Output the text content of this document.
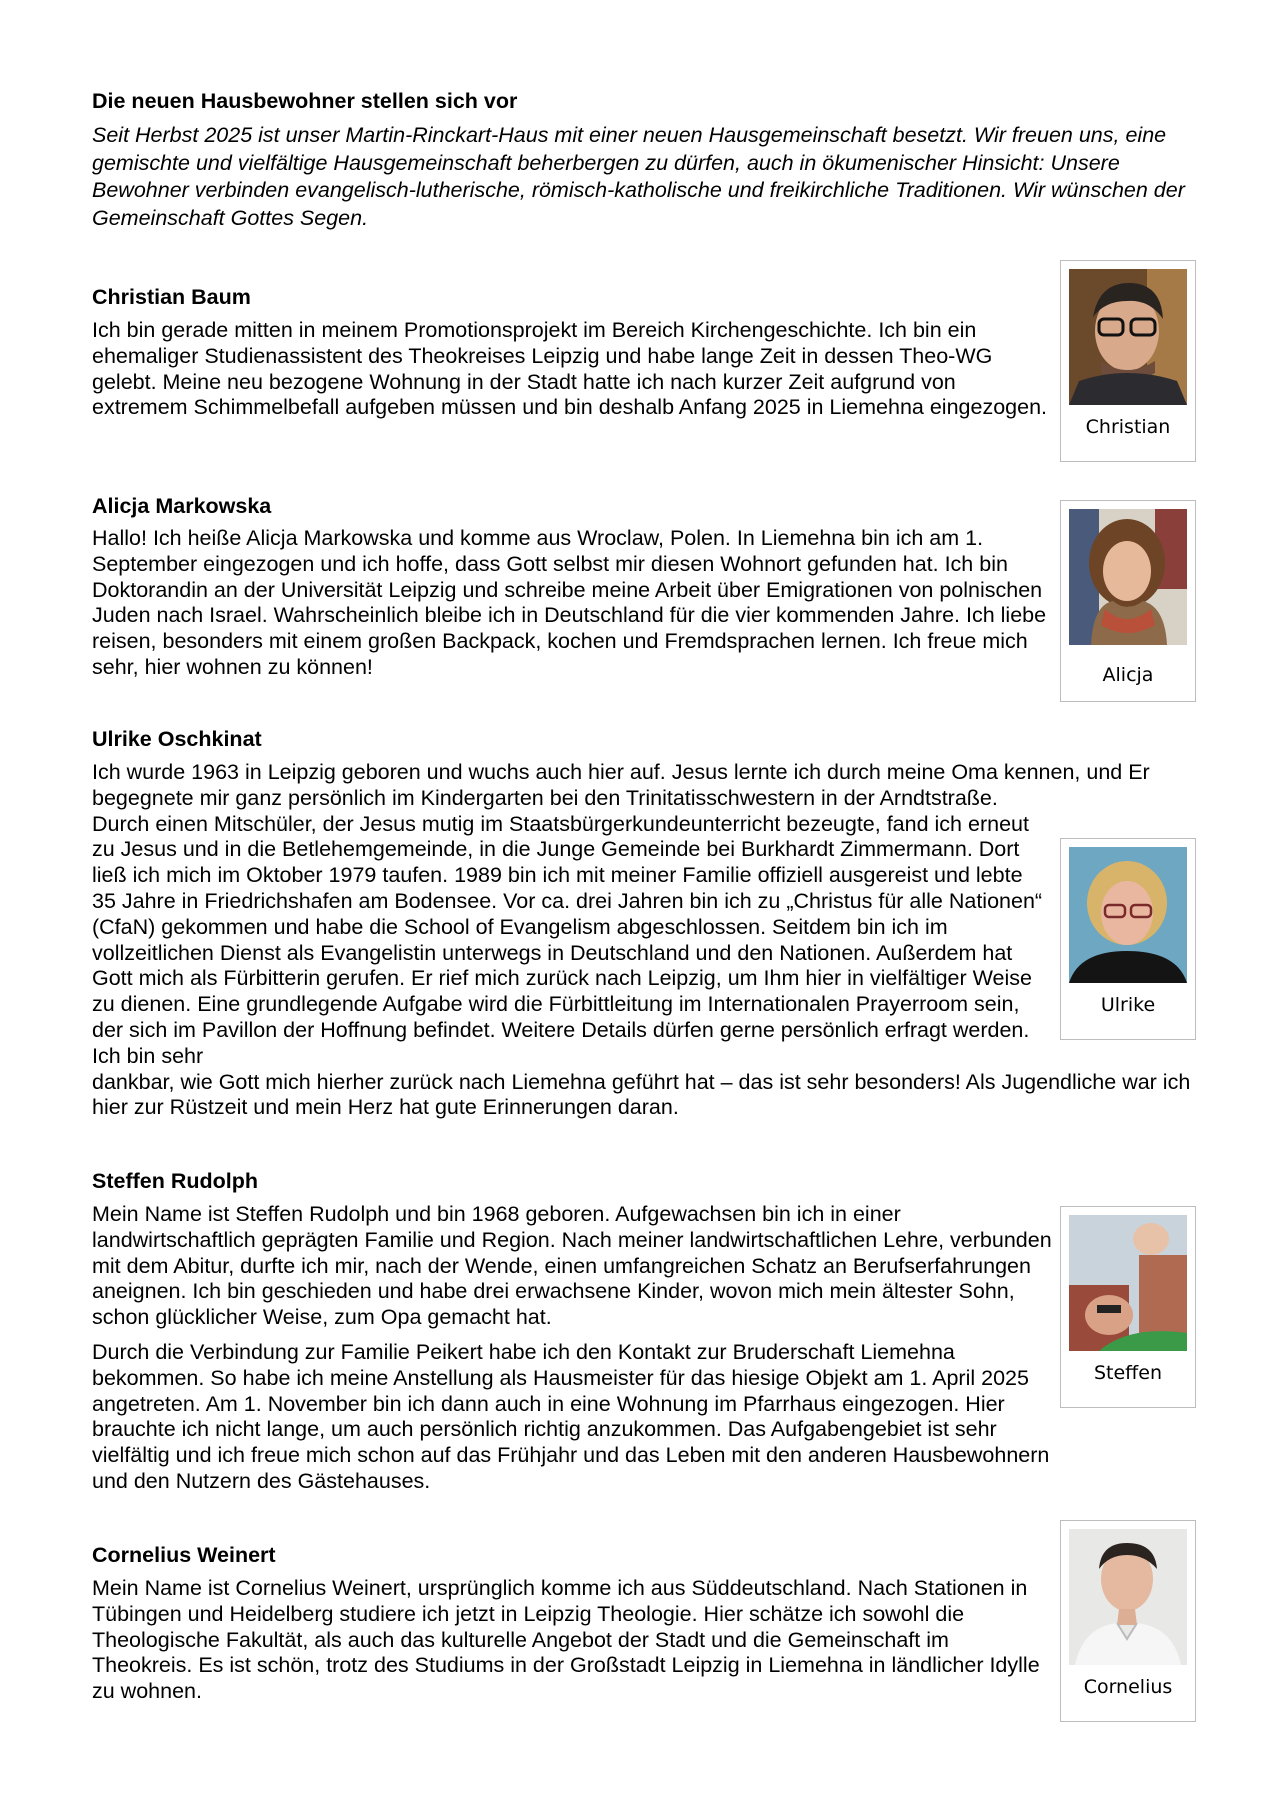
Die neuen Hausbewohner stellen sich vor

Seit Herbst 2025 ist unser Martin-Rinckart-Haus mit einer neuen Hausgemeinschaft besetzt. Wir freuen uns, eine gemischte und vielfältige Hausgemeinschaft beherbergen zu dürfen, auch in ökumenischer Hinsicht: Unsere Bewohner verbinden evangelisch-lutherische, römisch-katholische und freikirchliche Traditionen. Wir wünschen der Gemeinschaft Gottes Segen.

Christian Baum

Ich bin gerade mitten in meinem Promotionsprojekt im Bereich Kirchengeschichte. Ich bin ein ehemaliger Studienassistent des Theokreises Leipzig und habe lange Zeit in dessen Theo-WG gelebt. Meine neu bezogene Wohnung in der Stadt hatte ich nach kurzer Zeit aufgrund von extremem Schimmelbefall aufgeben müssen und bin deshalb Anfang 2025 in Liemehna eingezogen.

Christian
Alicja Markowska

Hallo! Ich heiße Alicja Markowska und komme aus Wroclaw, Polen. In Liemehna bin ich am 1. September eingezogen und ich hoffe, dass Gott selbst mir diesen Wohnort gefunden hat. Ich bin Doktorandin an der Universität Leipzig und schreibe meine Arbeit über Emigrationen von polnischen Juden nach Israel. Wahrscheinlich bleibe ich in Deutschland für die vier kommenden Jahre. Ich liebe reisen, besonders mit einem großen Backpack, kochen und Fremdsprachen lernen. Ich freue mich sehr, hier wohnen zu können!	Alicja
Ulrike Oschkinat

Ich wurde 1963 in Leipzig geboren und wuchs auch hier auf. Jesus lernte ich durch meine Oma kennen, und Er begegnete mir ganz persönlich im Kindergarten bei den Trinitatisschwestern in der Arndtstraße.

Durch einen Mitschüler, der Jesus mutig im Staatsbürgerkundeunterricht bezeugte, fand ich erneut zu Jesus und in die Betlehemgemeinde, in die Junge Gemeinde bei Burkhardt Zimmermann. Dort ließ ich mich im Oktober 1979 taufen. 1989 bin ich mit meiner Familie offiziell ausgereist und lebte 35 Jahre in Friedrichshafen am Bodensee. Vor ca. drei Jahren bin ich zu „Christus für alle Nationen“ (CfaN) gekommen und habe die School of Evangelism abgeschlossen. Seitdem bin ich im vollzeitlichen Dienst als Evangelistin unterwegs in Deutschland und den Nationen. Außerdem hat Gott mich als Fürbitterin gerufen. Er rief mich zurück nach Leipzig, um Ihm hier in vielfältiger Weise zu dienen. Eine grundlegende Aufgabe wird die Fürbittleitung im Internationalen Prayerroom sein, der sich im Pavillon der Hoffnung befindet. Weitere Details dürfen gerne persönlich erfragt werden. Ich bin sehr

dankbar, wie Gott mich hierher zurück nach Liemehna geführt hat – das ist sehr besonders! Als Jugendliche war ich hier zur Rüstzeit und mein Herz hat gute Erinnerungen daran.

Ulrike
Steffen Rudolph

Mein Name ist Steffen Rudolph und bin 1968 geboren. Aufgewachsen bin ich in einer landwirtschaftlich geprägten Familie und Region. Nach meiner landwirtschaftlichen Lehre, verbunden mit dem Abitur, durfte ich mir, nach der Wende, einen umfangreichen Schatz an Berufserfahrungen aneignen. Ich bin geschieden und habe drei erwachsene Kinder, wovon mich mein ältester Sohn, schon glücklicher Weise, zum Opa gemacht hat.

Durch die Verbindung zur Familie Peikert habe ich den Kontakt zur Bruderschaft Liemehna bekommen. So habe ich meine Anstellung als Hausmeister für das hiesige Objekt am 1. April 2025 angetreten. Am 1. November bin ich dann auch in eine Wohnung im Pfarrhaus eingezogen. Hier brauchte ich nicht lange, um auch persönlich richtig anzukommen. Das Aufgabengebiet ist sehr vielfältig und ich freue mich schon auf das Frühjahr und das Leben mit den anderen Hausbewohnern und den Nutzern des Gästehauses.

Steffen
Cornelius Weinert

Mein Name ist Cornelius Weinert, ursprünglich komme ich aus Süddeutschland. Nach Stationen in Tübingen und Heidelberg studiere ich jetzt in Leipzig Theologie. Hier schätze ich sowohl die Theologische Fakultät, als auch das kulturelle Angebot der Stadt und die Gemeinschaft im Theokreis. Es ist schön, trotz des Studiums in der Großstadt Leipzig in Liemehna in ländlicher Idylle zu wohnen.	Cornelius
